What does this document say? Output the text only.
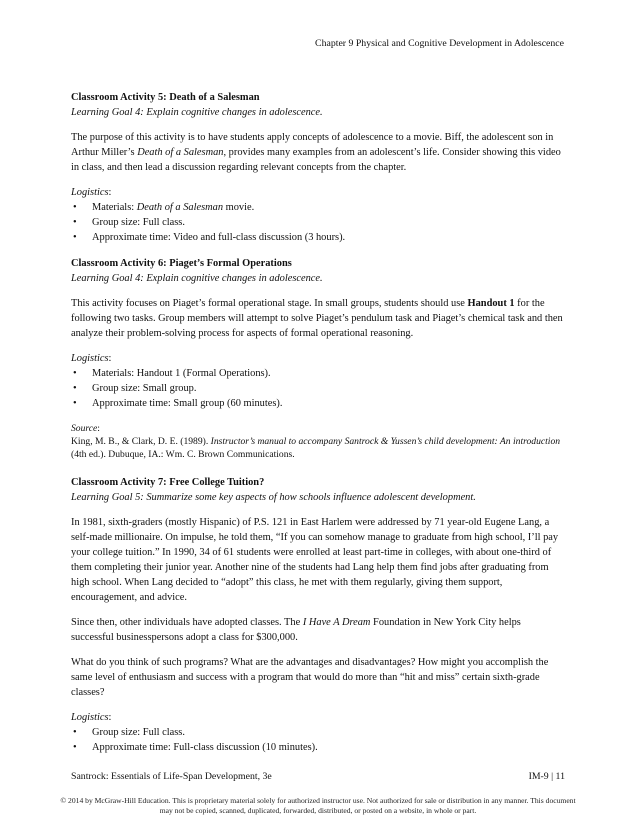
Chapter 9 Physical and Cognitive Development in Adolescence

Classroom Activity 5: Death of a Salesman

Learning Goal 4: Explain cognitive changes in adolescence.

The purpose of this activity is to have students apply concepts of adolescence to a movie. Biff, the adolescent son in Arthur Miller’s Death of a Salesman, provides many examples from an adolescent’s life. Consider showing this video in class, and then lead a discussion regarding relevant concepts from the chapter.

Logistics:

• Materials: Death of a Salesman movie.
• Group size: Full class.
• Approximate time: Video and full-class discussion (3 hours).

Classroom Activity 6: Piaget’s Formal Operations

Learning Goal 4: Explain cognitive changes in adolescence.

This activity focuses on Piaget’s formal operational stage. In small groups, students should use Handout 1 for the following two tasks. Group members will attempt to solve Piaget’s pendulum task and Piaget’s chemical task and then analyze their problem-solving process for aspects of formal operational reasoning.

Logistics:

• Materials: Handout 1 (Formal Operations).
• Group size: Small group.
• Approximate time: Small group (60 minutes).
Source:
King, M. B., & Clark, D. E. (1989). Instructor’s manual to accompany Santrock & Yussen’s child development: An introduction (4th ed.). Dubuque, IA.: Wm. C. Brown Communications.

Classroom Activity 7: Free College Tuition?

Learning Goal 5: Summarize some key aspects of how schools influence adolescent development.

In 1981, sixth-graders (mostly Hispanic) of P.S. 121 in East Harlem were addressed by 71 year-old Eugene Lang, a self-made millionaire. On impulse, he told them, “If you can somehow manage to graduate from high school, I’ll pay your college tuition.” In 1990, 34 of 61 students were enrolled at least part-time in colleges, with about one-third of them completing their junior year. Another nine of the students had Lang help them find jobs after graduating from high school. When Lang decided to “adopt” this class, he met with them regularly, giving them support, encouragement, and advice.

Since then, other individuals have adopted classes. The I Have A Dream Foundation in New York City helps successful businesspersons adopt a class for $300,000.

What do you think of such programs? What are the advantages and disadvantages? How might you accomplish the same level of enthusiasm and success with a program that would do more than “hit and miss” certain sixth-grade classes?

Logistics:

• Group size: Full class.
• Approximate time: Full-class discussion (10 minutes).
Santrock: Essentials of Life-Span Development, 3e	IM-9 | 11
© 2014 by McGraw-Hill Education. This is proprietary material solely for authorized instructor use. Not authorized for sale or distribution in any manner. This document may not be copied, scanned, duplicated, forwarded, distributed, or posted on a website, in whole or part.
